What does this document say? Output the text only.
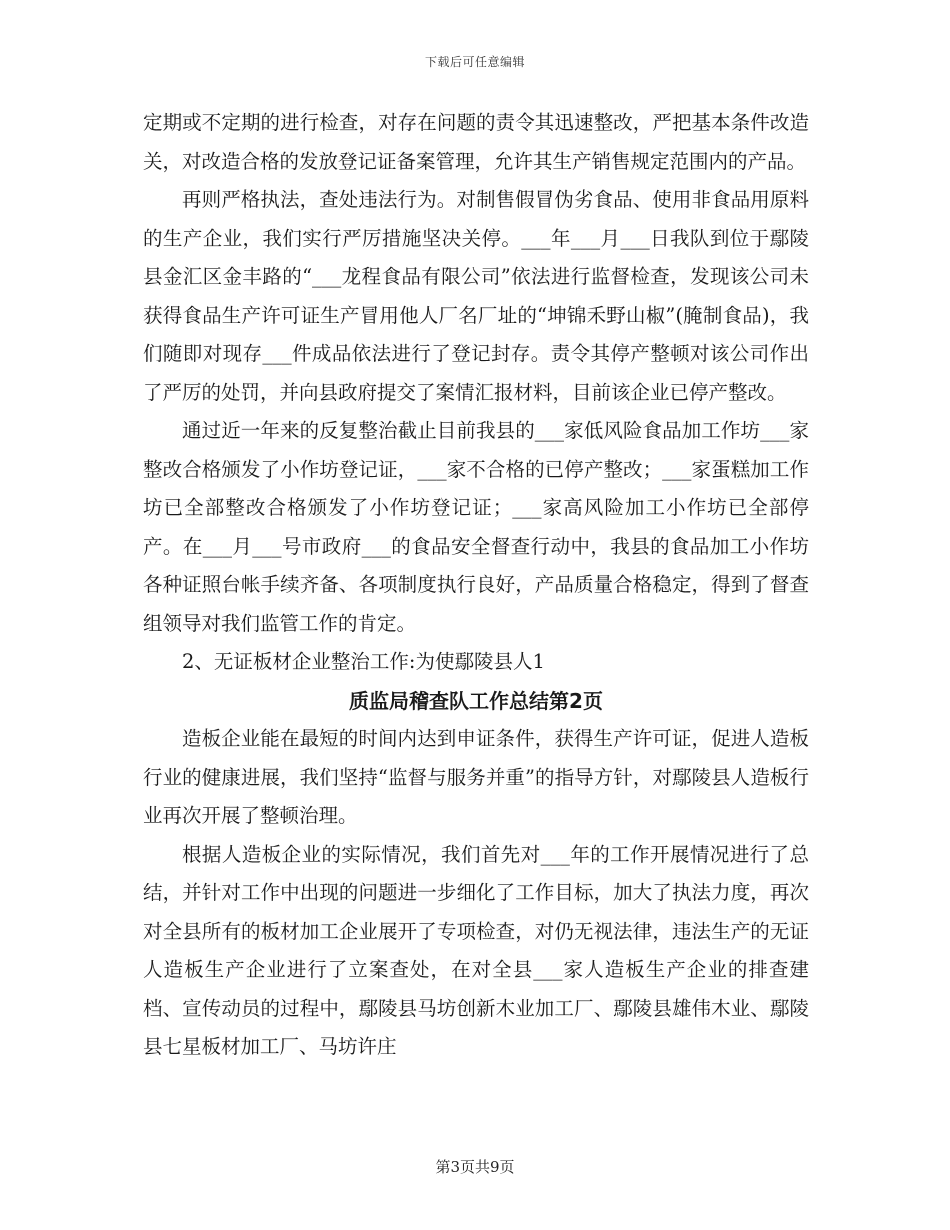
下载后可任意编辑

定期或不定期的进行检查，对存在问题的责令其迅速整改，严把基本条件改造关，对改造合格的发放登记证备案管理，允许其生产销售规定范围内的产品。

再则严格执法，查处违法行为。对制售假冒伪劣食品、使用非食品用原料的生产企业，我们实行严厉措施坚决关停。___年___月___日我队到位于鄢陵县金汇区金丰路的“___龙程食品有限公司”依法进行监督检查，发现该公司未获得食品生产许可证生产冒用他人厂名厂址的“坤锦禾野山椒”(腌制食品)，我们随即对现存___件成品依法进行了登记封存。责令其停产整顿对该公司作出了严厉的处罚，并向县政府提交了案情汇报材料，目前该企业已停产整改。

通过近一年来的反复整治截止目前我县的___家低风险食品加工作坊___家整改合格颁发了小作坊登记证，___家不合格的已停产整改；___家蛋糕加工作坊已全部整改合格颁发了小作坊登记证；___家高风险加工小作坊已全部停产。在___月___号市政府___的食品安全督查行动中，我县的食品加工小作坊各种证照台帐手续齐备、各项制度执行良好，产品质量合格稳定，得到了督查组领导对我们监管工作的肯定。

2、无证板材企业整治工作:为使鄢陵县人1

质监局稽查队工作总结第2页

造板企业能在最短的时间内达到申证条件，获得生产许可证，促进人造板行业的健康进展，我们坚持“监督与服务并重”的指导方针，对鄢陵县人造板行业再次开展了整顿治理。

根据人造板企业的实际情况，我们首先对___年的工作开展情况进行了总结，并针对工作中出现的问题进一步细化了工作目标，加大了执法力度，再次对全县所有的板材加工企业展开了专项检查，对仍无视法律，违法生产的无证人造板生产企业进行了立案查处，在对全县___家人造板生产企业的排查建档、宣传动员的过程中，鄢陵县马坊创新木业加工厂、鄢陵县雄伟木业、鄢陵县七星板材加工厂、马坊许庄

第3页共9页
